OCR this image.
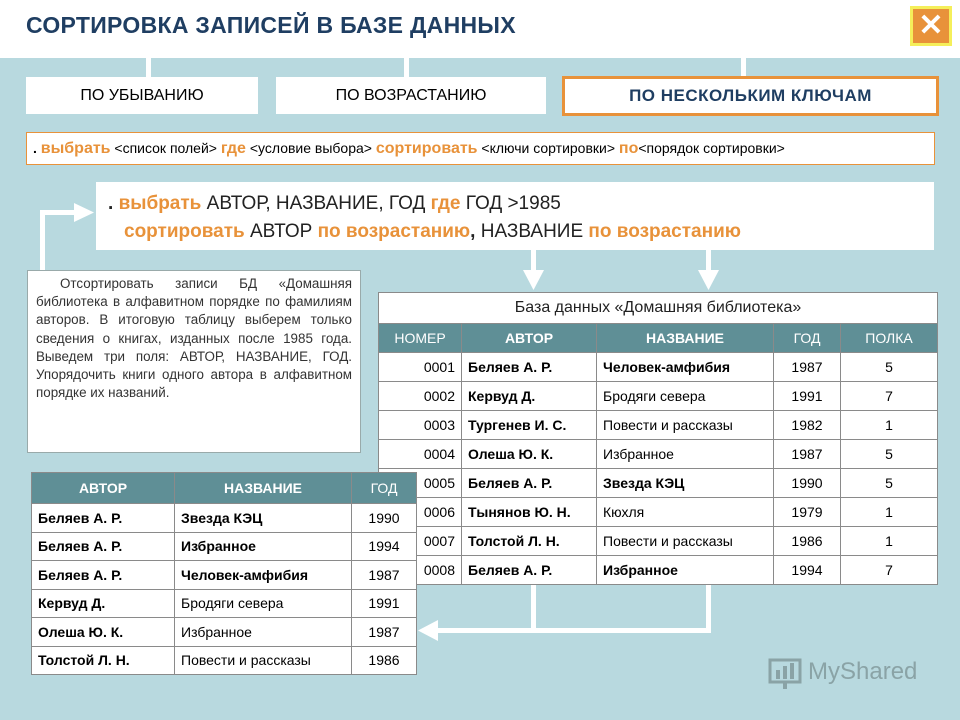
СОРТИРОВКА ЗАПИСЕЙ В БАЗЕ ДАННЫХ	✕
ПО УБЫВАНИЮ	ПО ВОЗРАСТАНИЮ	ПО НЕСКОЛЬКИМ КЛЮЧАМ
. выбрать <список полей> где <условие выбора> сортировать <ключи сортировки> по<порядок сортировки>
. выбрать АВТОР, НАЗВАНИЕ, ГОД где ГОД >1985
сортировать АВТОР по возрастанию, НАЗВАНИЕ по возрастанию
Отсортировать записи БД «Домашняя библиотека в алфавитном порядке по фамилиям авторов. В итоговую таблицу выберем только сведения о книгах, изданных после 1985 года. Выведем три поля: АВТОР, НАЗВАНИЕ, ГОД. Упорядочить книги одного автора в алфавитном порядке их названий.
База данных «Домашняя библиотека»				
НОМЕР	АВТОР	НАЗВАНИЕ	ГОД	ПОЛКА
0001	Беляев А. Р.	Человек-амфибия	1987	5
0002	Кервуд Д.	Бродяги севера	1991	7
0003	Тургенев И. С.	Повести и рассказы	1982	1
0004	Олеша Ю. К.	Избранное	1987	5
0005	Беляев А. Р.	Звезда КЭЦ	1990	5
0006	Тынянов Ю. Н.	Кюхля	1979	1
0007	Толстой Л. Н.	Повести и рассказы	1986	1
0008	Беляев А. Р.	Избранное	1994	7
АВТОР	НАЗВАНИЕ	ГОД
Беляев А. Р.	Звезда КЭЦ	1990
Беляев А. Р.	Избранное	1994
Беляев А. Р.	Человек-амфибия	1987
Кервуд Д.	Бродяги севера	1991
Олеша Ю. К.	Избранное	1987
Толстой Л. Н.	Повести и рассказы	1986	MyShared
